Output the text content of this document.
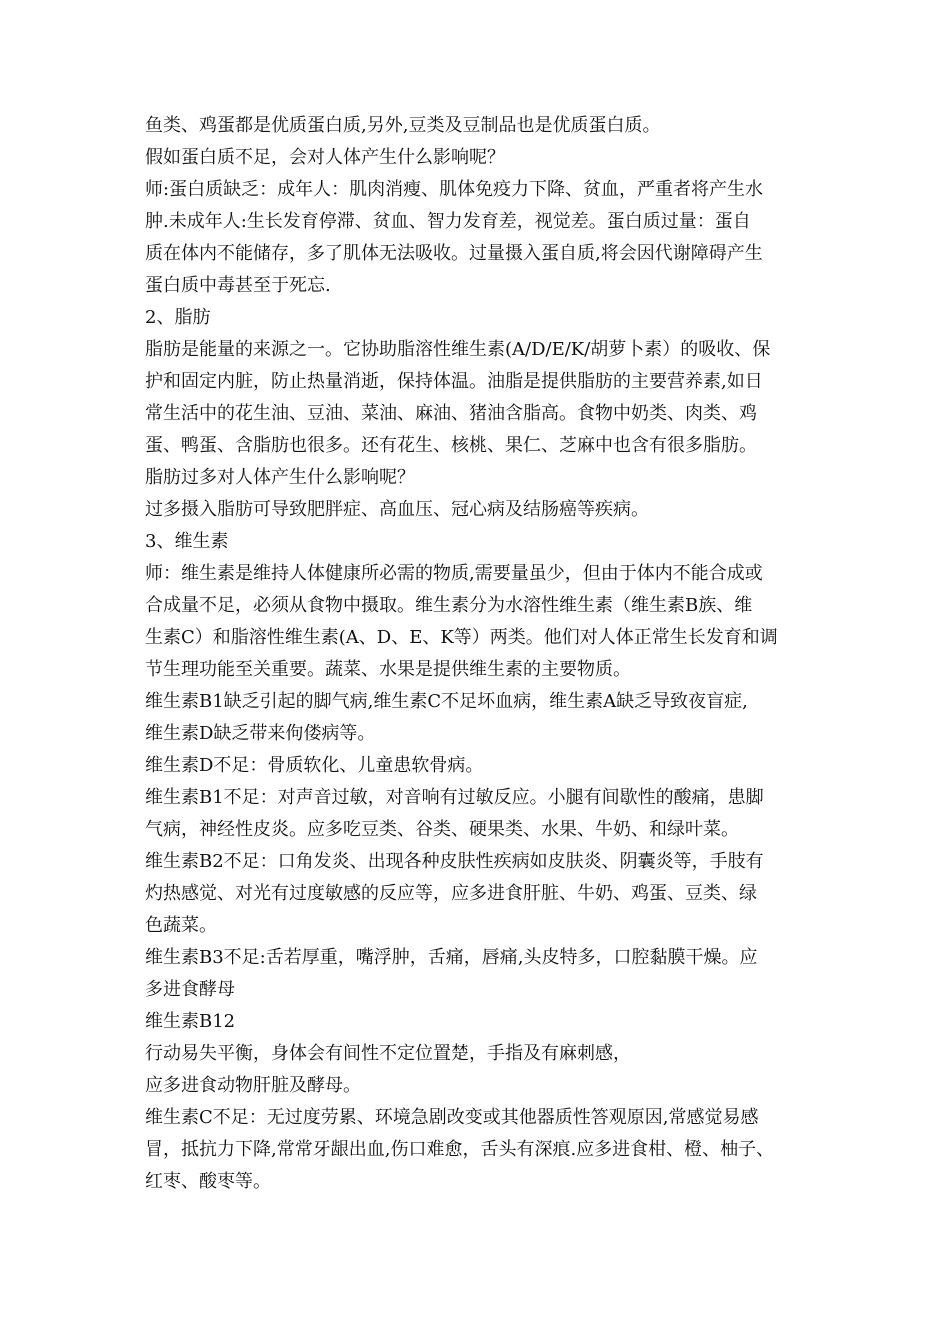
鱼类、鸡蛋都是优质蛋白质,另外,豆类及豆制品也是优质蛋白质。
假如蛋白质不足，会对人体产生什么影响呢？
师:蛋白质缺乏：成年人：肌肉消瘦、肌体免疫力下降、贫血，严重者将产生水
肿.未成年人:生长发育停滞、贫血、智力发育差，视觉差。蛋白质过量：蛋自
质在体内不能储存，多了肌体无法吸收。过量摄入蛋自质,将会因代谢障碍产生
蛋白质中毒甚至于死忘.
2、脂肪
脂肪是能量的来源之一。它协助脂溶性维生素(A/D/E/K/胡萝卜素）的吸收、保
护和固定内脏，防止热量消逝，保持体温。油脂是提供脂肪的主要营养素,如日
常生活中的花生油、豆油、菜油、麻油、猪油含脂高。食物中奶类、肉类、鸡
蛋、鸭蛋、含脂肪也很多。还有花生、核桃、果仁、芝麻中也含有很多脂肪。
脂肪过多对人体产生什么影响呢？
过多摄入脂肪可导致肥胖症、高血压、冠心病及结肠癌等疾病。
3、维生素
师：维生素是维持人体健康所必需的物质,需要量虽少，但由于体内不能合成或
合成量不足，必须从食物中摄取。维生素分为水溶性维生素（维生素B族、维
生素C）和脂溶性维生素(A、D、E、K等）两类。他们对人体正常生长发育和调
节生理功能至关重要。蔬菜、水果是提供维生素的主要物质。
维生素B1缺乏引起的脚气病,维生素C不足坏血病，维生素A缺乏导致夜盲症,
维生素D缺乏带来佝偻病等。
维生素D不足：骨质软化、儿童患软骨病。
维生素B1不足：对声音过敏，对音响有过敏反应。小腿有间歇性的酸痛，患脚
气病，神经性皮炎。应多吃豆类、谷类、硬果类、水果、牛奶、和绿叶菜。
维生素B2不足：口角发炎、出现各种皮肤性疾病如皮肤炎、阴囊炎等，手肢有
灼热感觉、对光有过度敏感的反应等，应多进食肝脏、牛奶、鸡蛋、豆类、绿
色蔬菜。
维生素B3不足:舌若厚重，嘴浮肿，舌痛，唇痛,头皮特多，口腔黏膜干燥。应
多进食酵母
维生素B12
行动易失平衡，身体会有间性不定位置楚，手指及有麻刺感，
应多进食动物肝脏及酵母。
维生素C不足：无过度劳累、环境急剧改变或其他器质性答观原因,常感觉易感
冒，抵抗力下降,常常牙龈出血,伤口难愈，舌头有深痕.应多进食柑、橙、柚子、
红枣、酸枣等。
